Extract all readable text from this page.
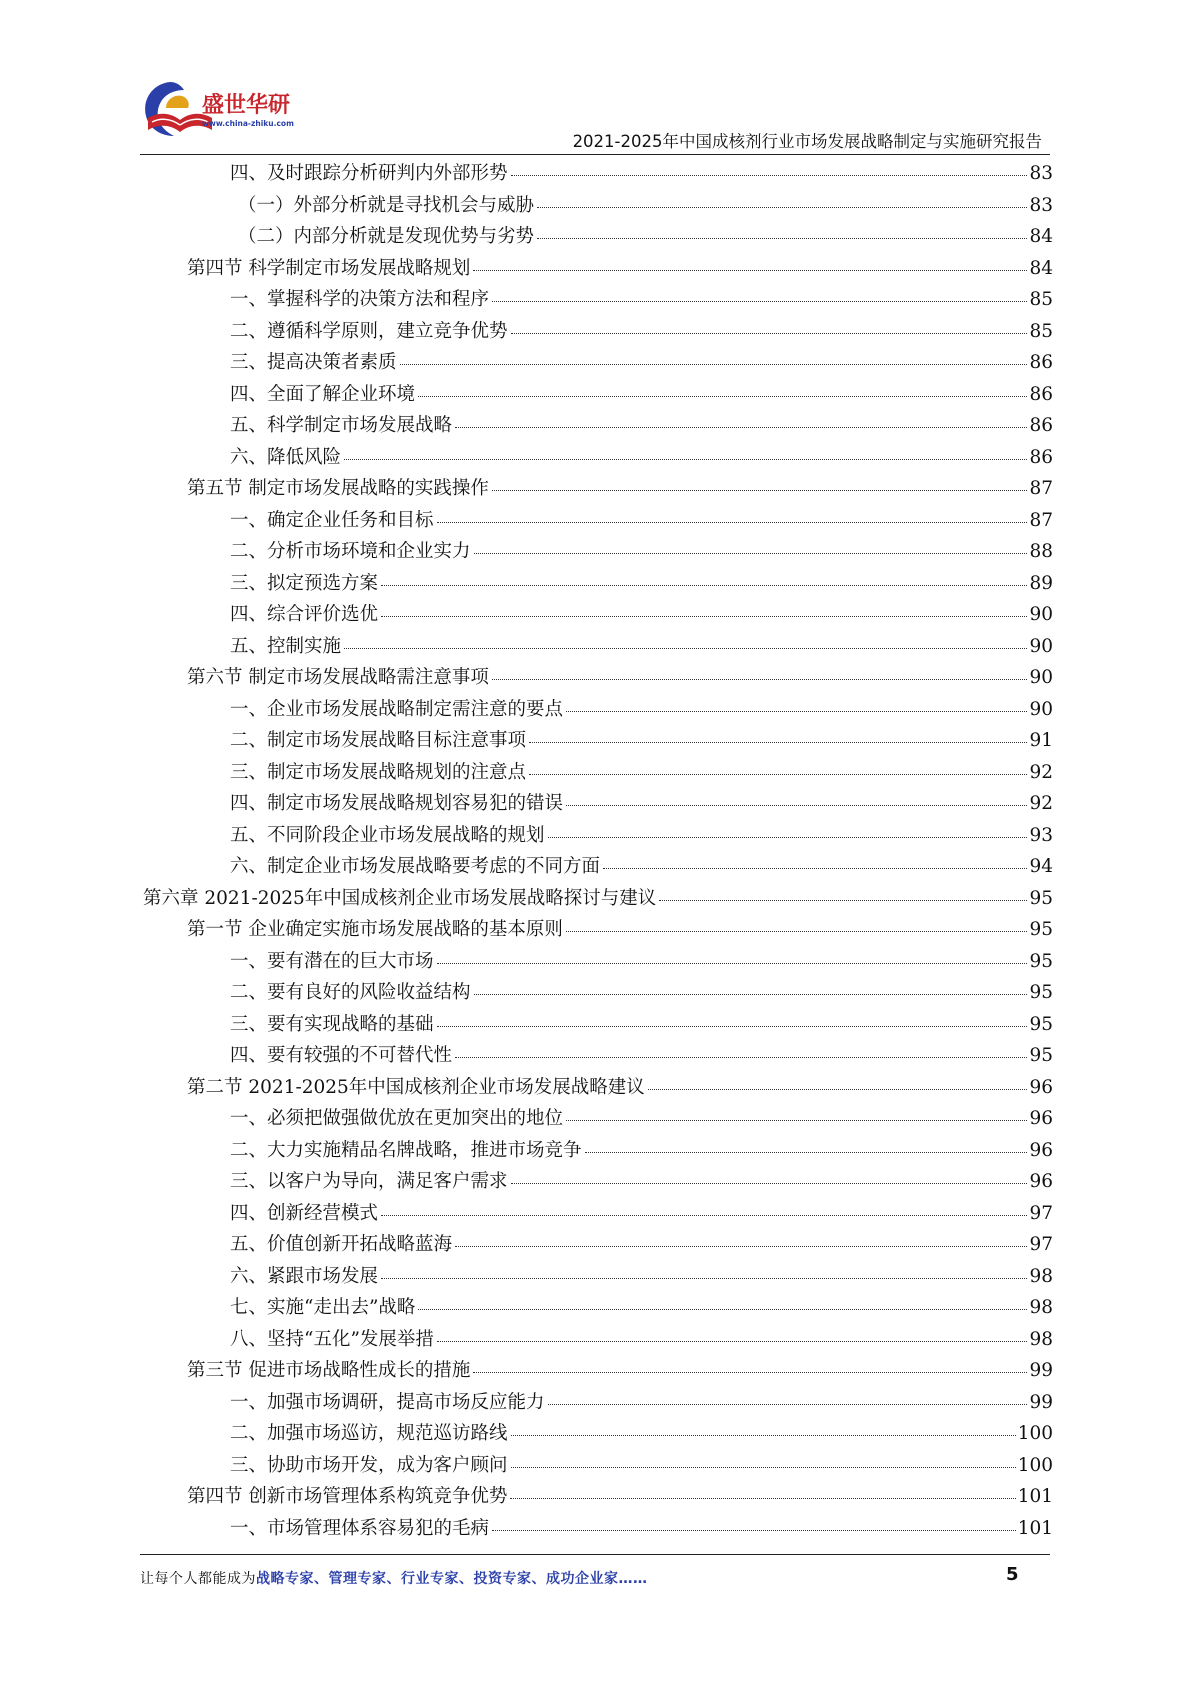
盛世华研
www.china-zhiku.com
2021-2025年中国成核剂行业市场发展战略制定与实施研究报告
四、及时跟踪分析研判内外部形势	83
（一）外部分析就是寻找机会与威胁	83
（二）内部分析就是发现优势与劣势	84
第四节 科学制定市场发展战略规划	84
一、掌握科学的决策方法和程序	85
二、遵循科学原则，建立竞争优势	85
三、提高决策者素质	86
四、全面了解企业环境	86
五、科学制定市场发展战略	86
六、降低风险	86
第五节 制定市场发展战略的实践操作	87
一、确定企业任务和目标	87
二、分析市场环境和企业实力	88
三、拟定预选方案	89
四、综合评价选优	90
五、控制实施	90
第六节 制定市场发展战略需注意事项	90
一、企业市场发展战略制定需注意的要点	90
二、制定市场发展战略目标注意事项	91
三、制定市场发展战略规划的注意点	92
四、制定市场发展战略规划容易犯的错误	92
五、不同阶段企业市场发展战略的规划	93
六、制定企业市场发展战略要考虑的不同方面	94
第六章 2021-2025年中国成核剂企业市场发展战略探讨与建议	95
第一节 企业确定实施市场发展战略的基本原则	95
一、要有潜在的巨大市场	95
二、要有良好的风险收益结构	95
三、要有实现战略的基础	95
四、要有较强的不可替代性	95
第二节 2021-2025年中国成核剂企业市场发展战略建议	96
一、必须把做强做优放在更加突出的地位	96
二、大力实施精品名牌战略，推进市场竞争	96
三、以客户为导向，满足客户需求	96
四、创新经营模式	97
五、价值创新开拓战略蓝海	97
六、紧跟市场发展	98
七、实施“走出去”战略	98
八、坚持“五化”发展举措	98
第三节 促进市场战略性成长的措施	99
一、加强市场调研，提高市场反应能力	99
二、加强市场巡访，规范巡访路线	100
三、协助市场开发，成为客户顾问	100
第四节 创新市场管理体系构筑竞争优势	101
一、市场管理体系容易犯的毛病	101
让每个人都能成为战略专家、管理专家、行业专家、投资专家、成功企业家……	5
